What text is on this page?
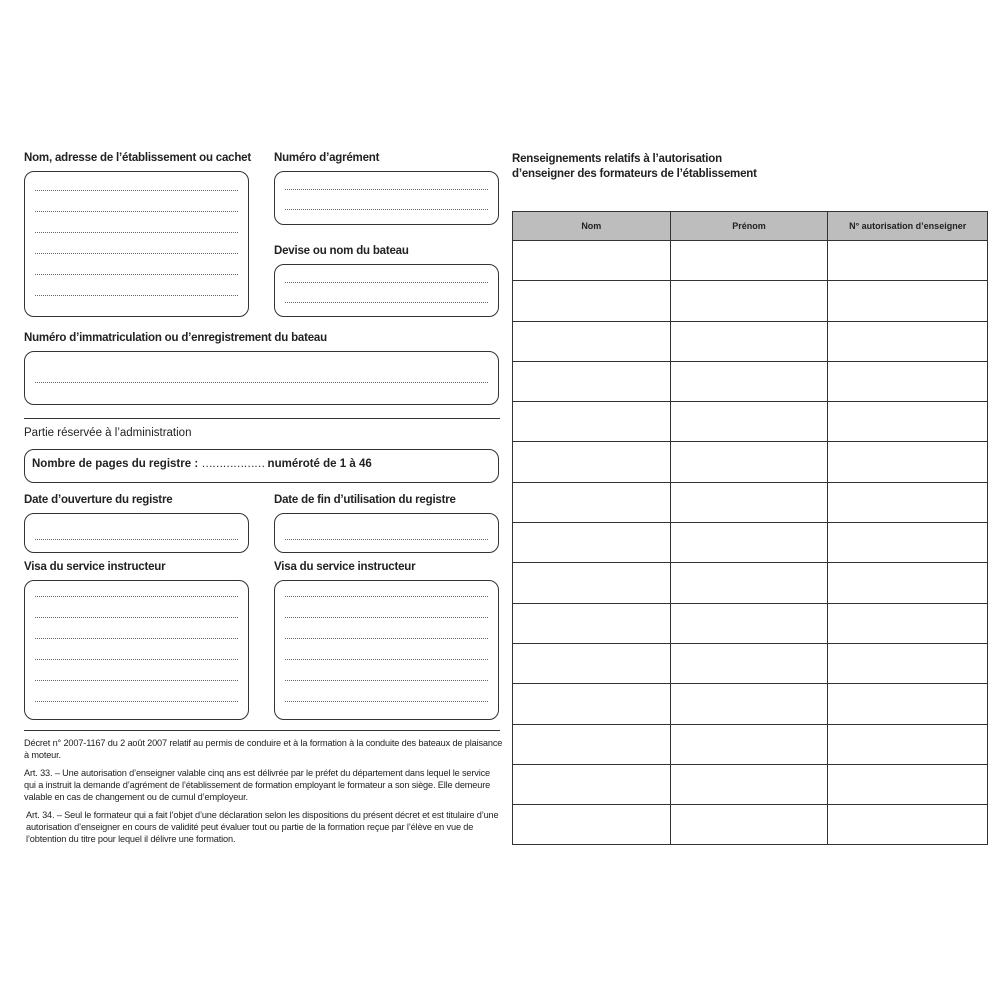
Nom, adresse de l’établissement ou cachet Numéro d’agrément
Devise ou nom du bateau
Numéro d’immatriculation ou d’enregistrement du bateau
Partie réservée à l’administration
Nombre de pages du registre : ……………… numéroté de 1 à 46
Date d’ouverture du registre	Date de fin d’utilisation du registre
Visa du service instructeur	Visa du service instructeur
Décret n° 2007-1167 du 2 août 2007 relatif au permis de conduire et à la formation à la conduite des bateaux de plaisance à moteur.
Art. 33. – Une autorisation d’enseigner valable cinq ans est délivrée par le préfet du département dans lequel le service qui a instruit la demande d’agrément de l’établissement de formation employant le formateur a son siège. Elle demeure valable en cas de changement ou de cumul d’employeur.
Art. 34. – Seul le formateur qui a fait l’objet d’une déclaration selon les dispositions du présent décret et est titulaire d’une autorisation d’enseigner en cours de validité peut évaluer tout ou partie de la formation reçue par l’élève en vue de l’obtention du titre pour lequel il délivre une formation.
Renseignements relatifs à l’autorisation
d’enseigner des formateurs de l’établissement
Nom	Prénom	N° autorisation d’enseigner
